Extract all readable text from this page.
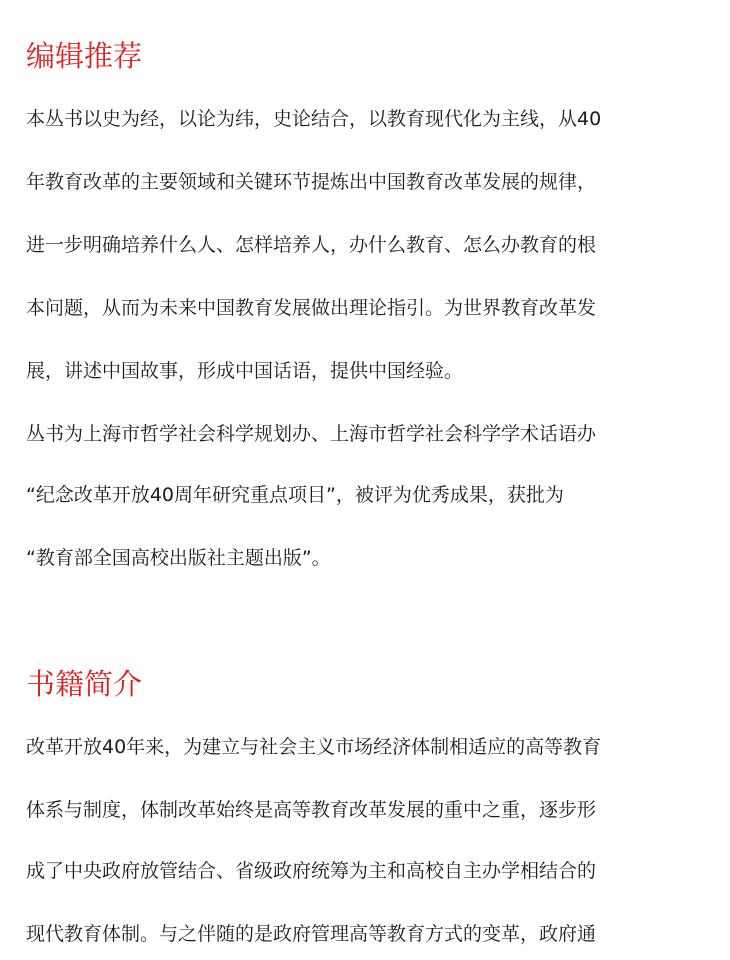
编辑推荐

本丛书以史为经，以论为纬，史论结合，以教育现代化为主线，从40

年教育改革的主要领域和关键环节提炼出中国教育改革发展的规律，

进一步明确培养什么人、怎样培养人，办什么教育、怎么办教育的根

本问题，从而为未来中国教育发展做出理论指引。为世界教育改革发

展，讲述中国故事，形成中国话语，提供中国经验。

丛书为上海市哲学社会科学规划办、上海市哲学社会科学学术话语办

“纪念改革开放40周年研究重点项目”，被评为优秀成果，获批为

“教育部全国高校出版社主题出版”。

书籍简介

改革开放40年来，为建立与社会主义市场经济体制相适应的高等教育

体系与制度，体制改革始终是高等教育改革发展的重中之重，逐步形

成了中央政府放管结合、省级政府统筹为主和高校自主办学相结合的

现代教育体制。与之伴随的是政府管理高等教育方式的变革，政府通
